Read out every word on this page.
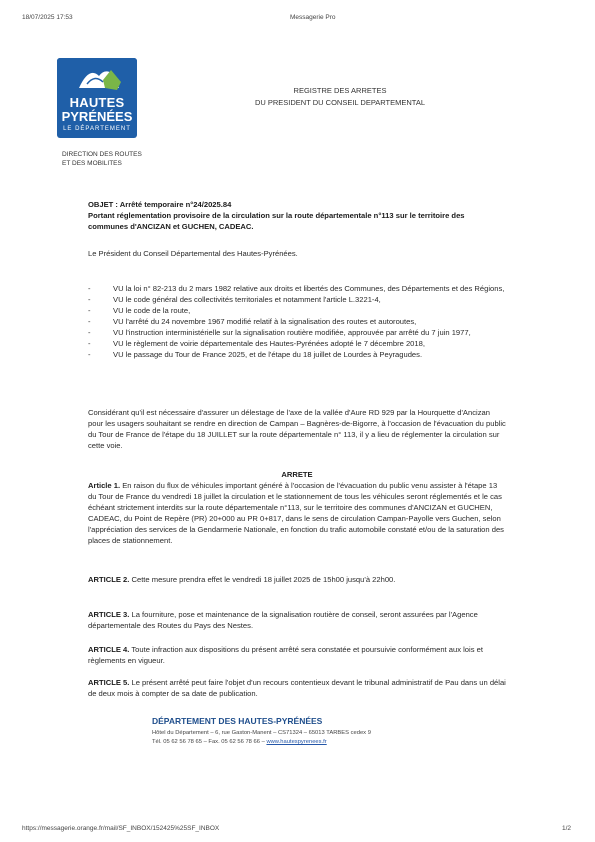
18/07/2025 17:53	Messagerie Pro
HAUTES
PYRÉNÉES
LE DÉPARTEMENT
DIRECTION DES ROUTES
ET DES MOBILITES
REGISTRE DES ARRETES
DU PRESIDENT DU CONSEIL DEPARTEMENTAL
OBJET : Arrêté temporaire n°24/2025.84
Portant réglementation provisoire de la circulation sur la route départementale n°113 sur le territoire des
communes d'ANCIZAN et GUCHEN, CADEAC.
Le Président du Conseil Départemental des Hautes-Pyrénées.
- VU la loi n° 82-213 du 2 mars 1982 relative aux droits et libertés des Communes, des Départements et des Régions,
- VU le code général des collectivités territoriales et notamment l'article L.3221-4,
- VU le code de la route,
- VU l'arrêté du 24 novembre 1967 modifié relatif à la signalisation des routes et autoroutes,
- VU l'instruction interministérielle sur la signalisation routière modifiée, approuvée par arrêté du 7 juin 1977,
- VU le règlement de voirie départementale des Hautes-Pyrénées adopté le 7 décembre 2018,
- VU le passage du Tour de France 2025, et de l'étape du 18 juillet de Lourdes à Peyragudes.
Considérant qu'il est nécessaire d'assurer un délestage de l'axe de la vallée d'Aure RD 929 par la Hourquette d'Ancizan pour les usagers souhaitant se rendre en direction de Campan – Bagnères-de-Bigorre, à l'occasion de l'évacuation du public du Tour de France de l'étape du 18 JUILLET sur la route départementale n° 113, il y a lieu de réglementer la circulation sur cette voie.
ARRETE
Article 1. En raison du flux de véhicules important généré à l'occasion de l'évacuation du public venu assister à l'étape 13 du Tour de France du vendredi 18 juillet la circulation et le stationnement de tous les véhicules seront réglementés et le cas échéant strictement interdits sur la route départementale n°113, sur le territoire des communes d'ANCIZAN et GUCHEN, CADEAC, du Point de Repère (PR) 20+000 au PR 0+817, dans le sens de circulation Campan-Payolle vers Guchen, selon l'appréciation des services de la Gendarmerie Nationale, en fonction du trafic automobile constaté et/ou de la saturation des places de stationnement.
ARTICLE 2. Cette mesure prendra effet le vendredi 18 juillet 2025 de 15h00 jusqu'à 22h00.
ARTICLE 3. La fourniture, pose et maintenance de la signalisation routière de conseil, seront assurées par l'Agence départementale des Routes du Pays des Nestes.
ARTICLE 4. Toute infraction aux dispositions du présent arrêté sera constatée et poursuivie conformément aux lois et règlements en vigueur.
ARTICLE 5. Le présent arrêté peut faire l'objet d'un recours contentieux devant le tribunal administratif de Pau dans un délai de deux mois à compter de sa date de publication.
DÉPARTEMENT DES HAUTES-PYRÉNÉES
Hôtel du Département – 6, rue Gaston-Manent – CS71324 – 65013 TARBES cedex 9
Tél. 05 62 56 78 65 – Fax. 05 62 56 78 66 – www.hautespyrenees.fr
https://messagerie.orange.fr/mail/SF_INBOX/152425%25SF_INBOX	1/2
